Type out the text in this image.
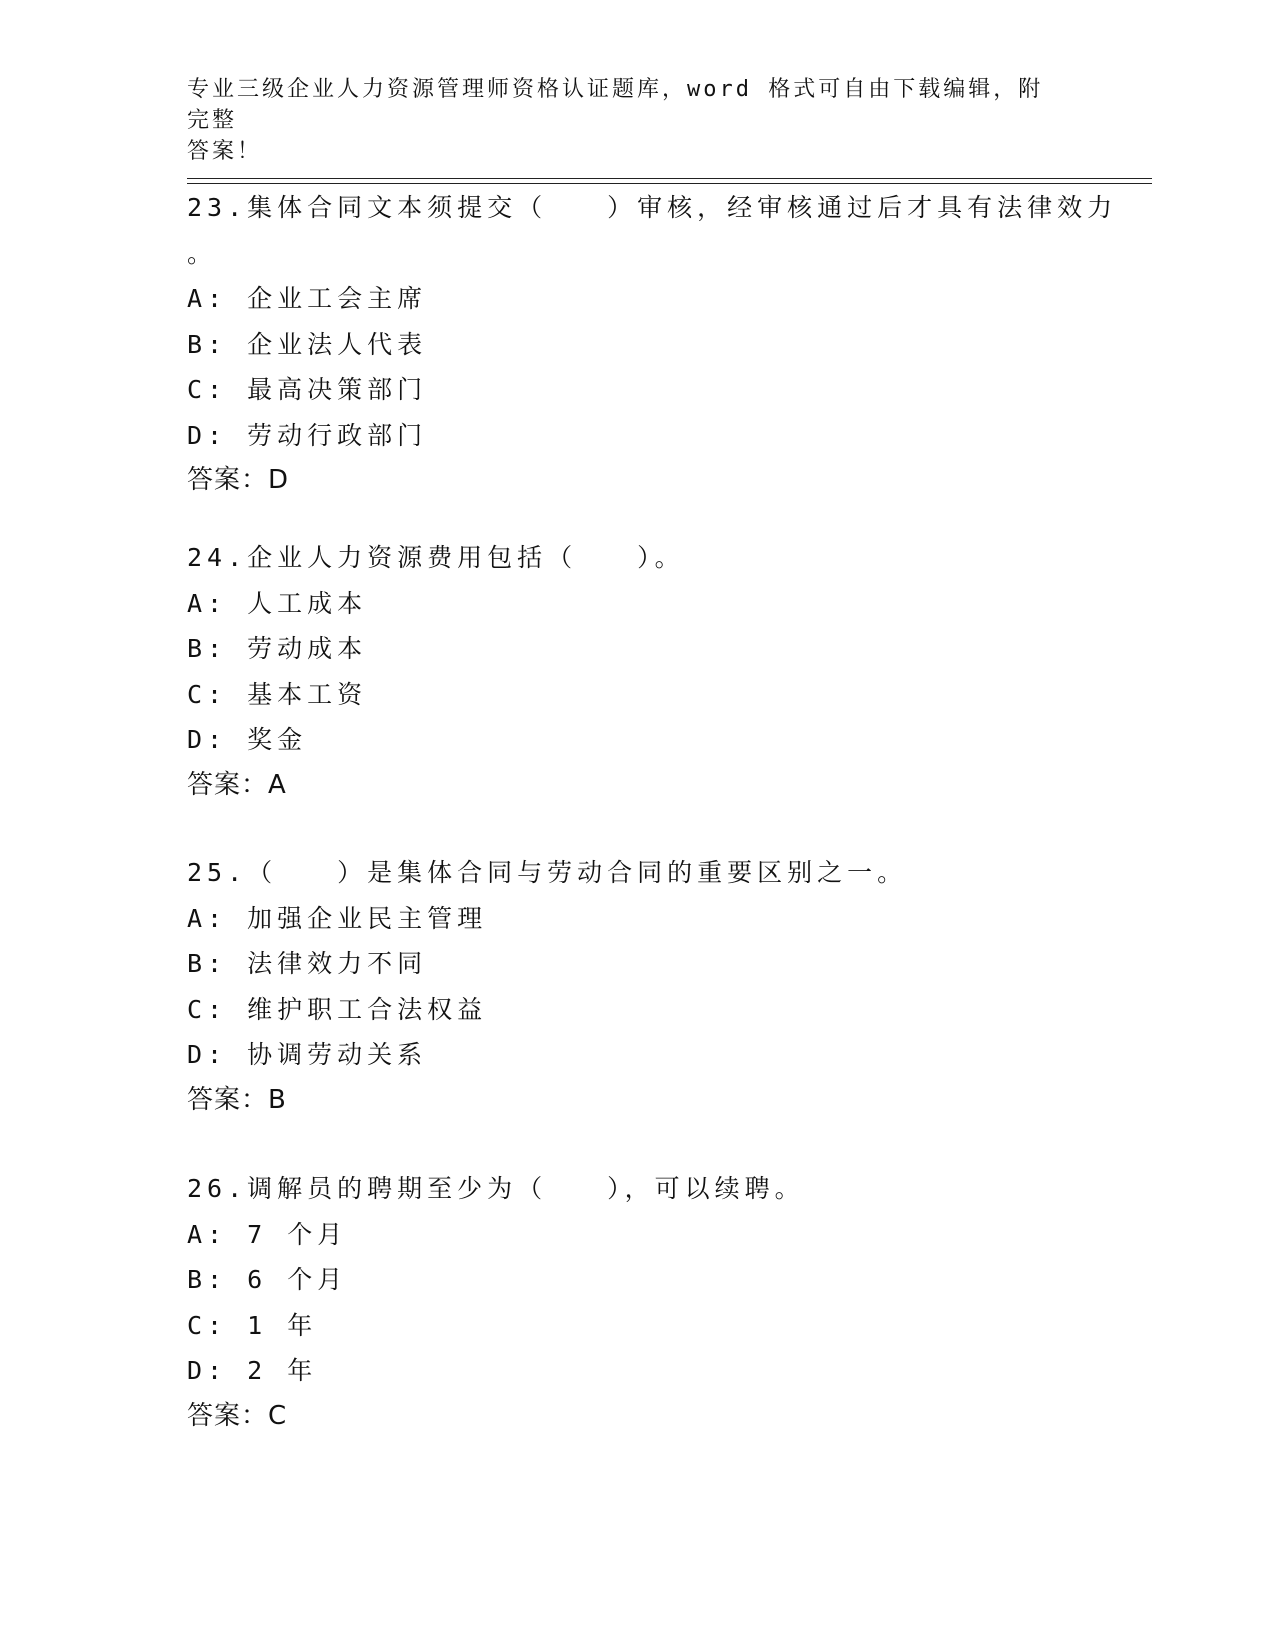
专业三级企业人力资源管理师资格认证题库，word 格式可自由下载编辑，附完整
答案！
23.集体合同文本须提交（　　）审核，经审核通过后才具有法律效力
。
A: 企业工会主席
B: 企业法人代表
C: 最高决策部门
D: 劳动行政部门
答案：D
24.企业人力资源费用包括（　　）。
A: 人工成本
B: 劳动成本
C: 基本工资
D: 奖金
答案：A
25.（　　）是集体合同与劳动合同的重要区别之一。
A: 加强企业民主管理
B: 法律效力不同
C: 维护职工合法权益
D: 协调劳动关系
答案：B
26.调解员的聘期至少为（　　），可以续聘。
A: 7 个月
B: 6 个月
C: 1 年
D: 2 年
答案：C
